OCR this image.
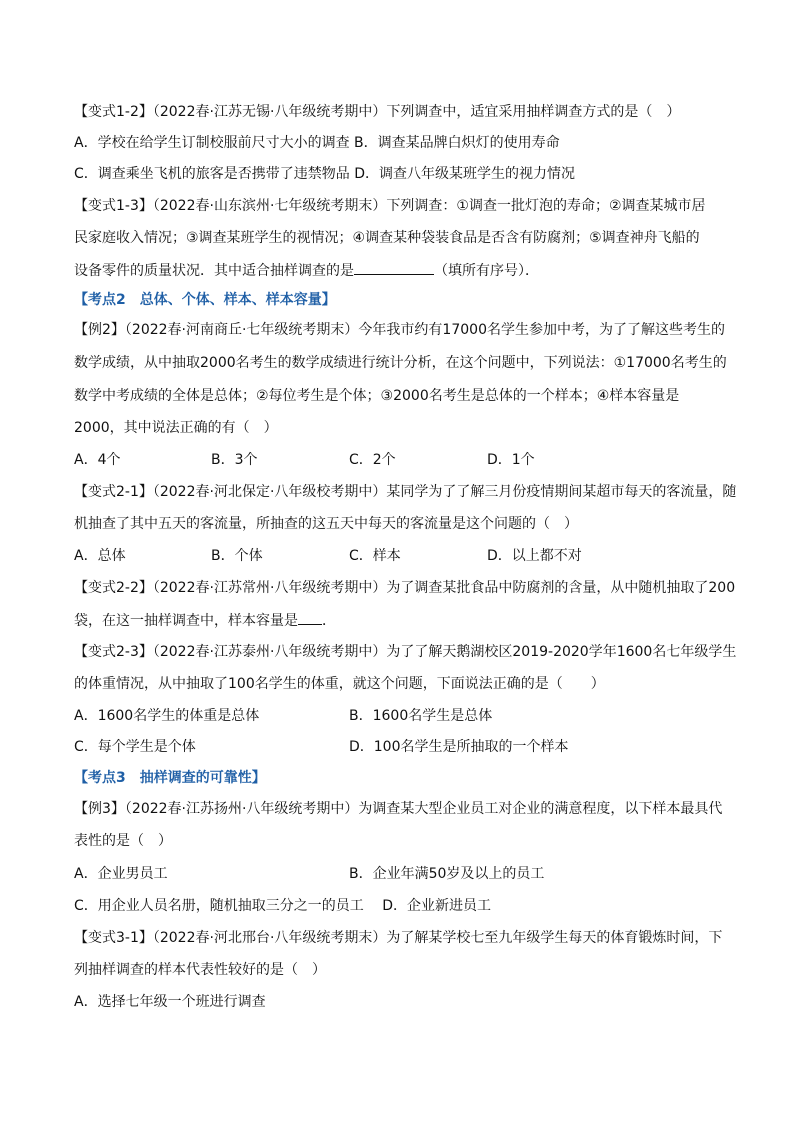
【变式1-2】（2022春·江苏无锡·八年级统考期中）下列调查中，适宜采用抽样调查方式的是（　）
A．学校在给学生订制校服前尺寸大小的调查 B．调查某品牌白炽灯的使用寿命
C．调查乘坐飞机的旅客是否携带了违禁物品 D．调查八年级某班学生的视力情况
【变式1-3】（2022春·山东滨州·七年级统考期末）下列调查：①调查一批灯泡的寿命；②调查某城市居
民家庭收入情况；③调查某班学生的视情况；④调查某种袋装食品是否含有防腐剂；⑤调查神舟飞船的
设备零件的质量状况．其中适合抽样调查的是	（填所有序号）．
【考点2　总体、个体、样本、样本容量】
【例2】（2022春·河南商丘·七年级统考期末）今年我市约有17000名学生参加中考，为了了解这些考生的
数学成绩，从中抽取2000名考生的数学成绩进行统计分析，在这个问题中，下列说法：①17000名考生的
数学中考成绩的全体是总体；②每位考生是个体；③2000名考生是总体的一个样本；④样本容量是
2000，其中说法正确的有（　）
A．4个	B．3个	C．2个	D．1个
【变式2-1】（2022春·河北保定·八年级校考期中）某同学为了了解三月份疫情期间某超市每天的客流量，随
机抽查了其中五天的客流量，所抽查的这五天中每天的客流量是这个问题的（　）
A．总体	B．个体	C．样本	D．以上都不对
【变式2-2】（2022春·江苏常州·八年级统考期中）为了调查某批食品中防腐剂的含量，从中随机抽取了200
袋，在这一抽样调查中，样本容量是 ．
【变式2-3】（2022春·江苏泰州·八年级统考期中）为了了解天鹅湖校区2019-2020学年1600名七年级学生
的体重情况，从中抽取了100名学生的体重，就这个问题，下面说法正确的是（　　）
A．1600名学生的体重是总体	B．1600名学生是总体
C．每个学生是个体	D．100名学生是所抽取的一个样本
【考点3　抽样调查的可靠性】
【例3】（2022春·江苏扬州·八年级统考期中）为调查某大型企业员工对企业的满意程度，以下样本最具代
表性的是（　）
A．企业男员工	B．企业年满50岁及以上的员工
C．用企业人员名册，随机抽取三分之一的员工　 D．企业新进员工
【变式3-1】（2022春·河北邢台·八年级统考期末）为了解某学校七至九年级学生每天的体育锻炼时间，下
列抽样调查的样本代表性较好的是（　）
A．选择七年级一个班进行调查
